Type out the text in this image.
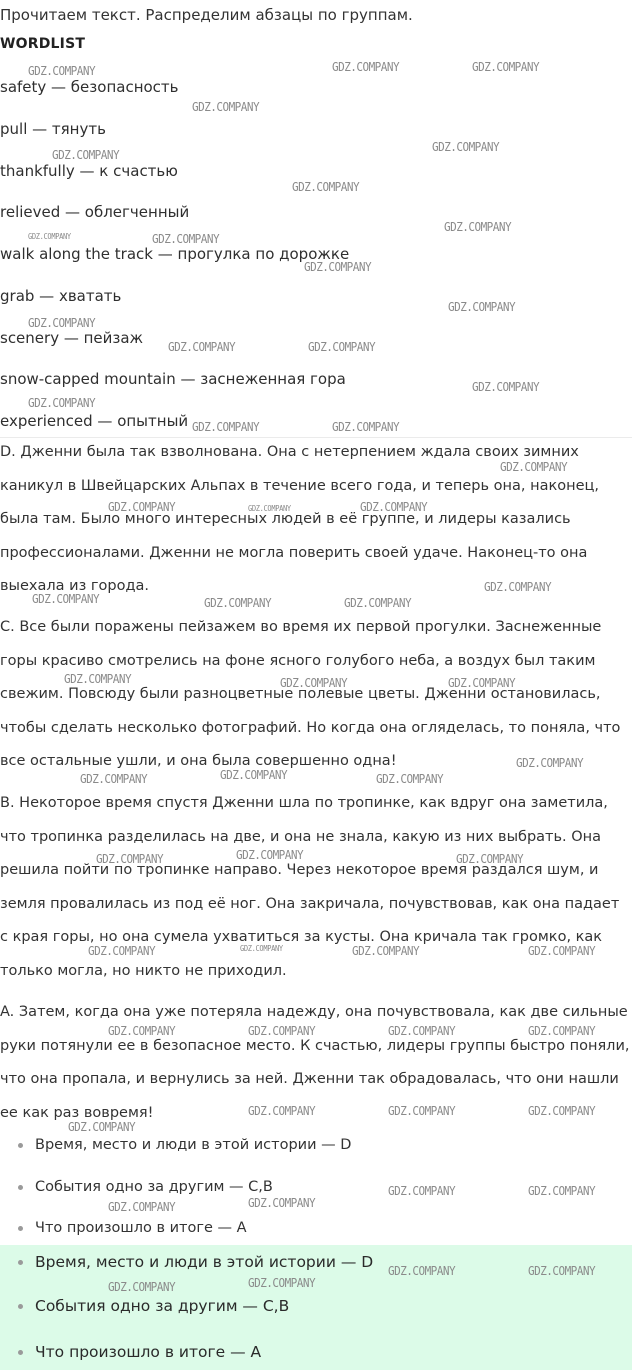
Прочитаем текст. Распределим абзацы по группам.
WORDLIST
safety — безопасность
pull — тянуть
thankfully — к счастью
relieved — облегченный
walk along the track — прогулка по дорожке
grab — хватать
scenery — пейзаж
snow-capped mountain — заснеженная гора
experienced — опытный
D. Дженни была так взволнована. Она с нетерпением ждала своих зимних каникул в Швейцарских Альпах в течение всего года, и теперь она, наконец, была там. Было много интересных людей в её группе, и лидеры казались профессионалами. Дженни не могла поверить своей удаче. Наконец-то она выехала из города.
C. Все были поражены пейзажем во время их первой прогулки. Заснеженные горы красиво смотрелись на фоне ясного голубого неба, а воздух был таким свежим. Повсюду были разноцветные полевые цветы. Дженни остановилась, чтобы сделать несколько фотографий. Но когда она огляделась, то поняла, что все остальные ушли, и она была совершенно одна!
B. Некоторое время спустя Дженни шла по тропинке, как вдруг она заметила, что тропинка разделилась на две, и она не знала, какую из них выбрать. Она решила пойти по тропинке направо. Через некоторое время раздался шум, и земля провалилась из под её ног. Она закричала, почувствовав, как она падает с края горы, но она сумела ухватиться за кусты. Она кричала так громко, как только могла, но никто не приходил.
A. Затем, когда она уже потеряла надежду, она почувствовала, как две сильные руки потянули ее в безопасное место. К счастью, лидеры группы быстро поняли, что она пропала, и вернулись за ней. Дженни так обрадовалась, что они нашли ее как раз вовремя!
Время, место и люди в этой истории — D
События одно за другим — C,B
Что произошло в итоге — A
Время, место и люди в этой истории — D
События одно за другим — C,B
Что произошло в итоге — A
GDZ.COMPANY	GDZ.COMPANY	GDZ.COMPANY
GDZ.COMPANY
GDZ.COMPANY
GDZ.COMPANY
GDZ.COMPANY
GDZ.COMPANY
GDZ.COMPANY	GDZ.COMPANY
GDZ.COMPANY
GDZ.COMPANY
GDZ.COMPANY
GDZ.COMPANY	GDZ.COMPANY
GDZ.COMPANY
GDZ.COMPANY
GDZ.COMPANY	GDZ.COMPANY
GDZ.COMPANY
GDZ.COMPANY	GDZ.COMPANY	GDZ.COMPANY
GDZ.COMPANY
GDZ.COMPANY	GDZ.COMPANY	GDZ.COMPANY
GDZ.COMPANY	GDZ.COMPANY	GDZ.COMPANY
GDZ.COMPANY
GDZ.COMPANY	GDZ.COMPANY	GDZ.COMPANY
GDZ.COMPANY	GDZ.COMPANY	GDZ.COMPANY
GDZ.COMPANY	GDZ.COMPANY	GDZ.COMPANY	GDZ.COMPANY
GDZ.COMPANY	GDZ.COMPANY	GDZ.COMPANY	GDZ.COMPANY
GDZ.COMPANY	GDZ.COMPANY	GDZ.COMPANY
GDZ.COMPANY
GDZ.COMPANY	GDZ.COMPANY
GDZ.COMPANY	GDZ.COMPANY
GDZ.COMPANY	GDZ.COMPANY
GDZ.COMPANY	GDZ.COMPANY
